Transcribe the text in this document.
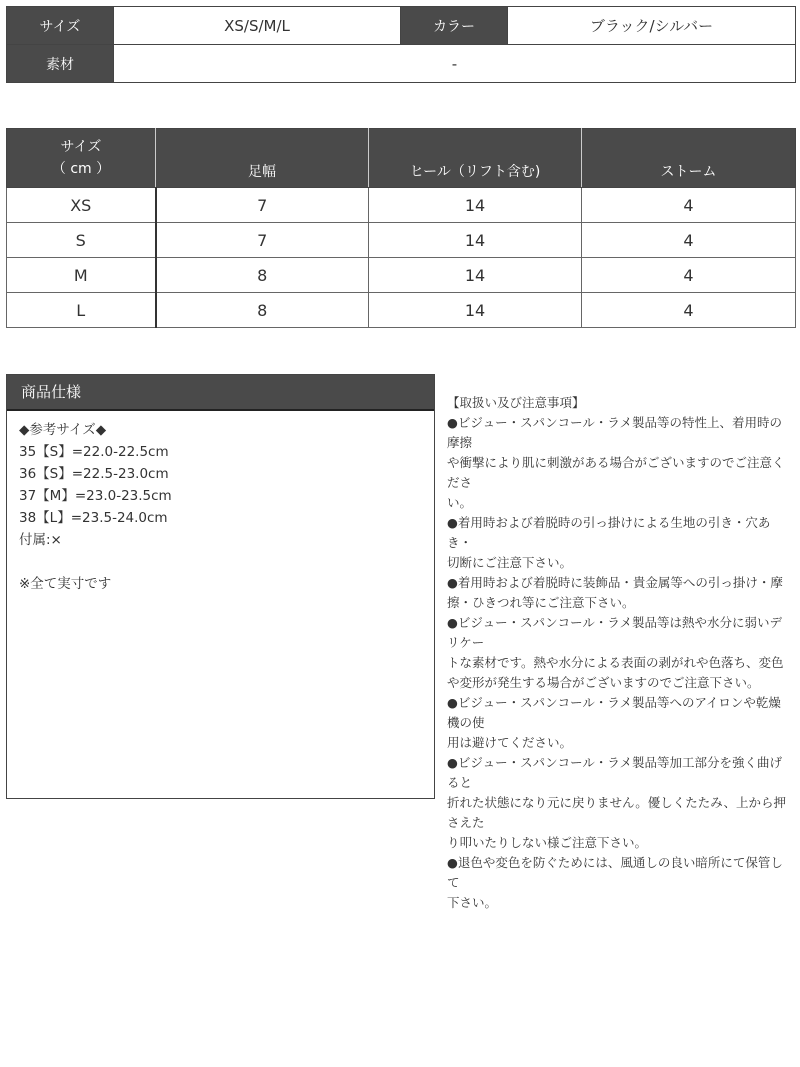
サイズ	XS/S/M/L	カラー	ブラック/シルバー
素材	-		
サイズ
（ cm ）	足幅	ヒール（リフト含む)	ストーム
XS	7	14	4
S	7	14	4
M	8	14	4
L	8	14	4
商品仕様
◆参考サイズ◆
35【S】=22.0-22.5cm
36【S】=22.5-23.0cm
37【M】=23.0-23.5cm
38【L】=23.5-24.0cm
付属:×

※全て実寸です
【取扱い及び注意事項】
●ビジュー・スパンコール・ラメ製品等の特性上、着用時の摩擦
や衝撃により肌に刺激がある場合がございますのでご注意くださ
い。
●着用時および着脱時の引っ掛けによる生地の引き・穴あき・
切断にご注意下さい。
●着用時および着脱時に装飾品・貴金属等への引っ掛け・摩
擦・ひきつれ等にご注意下さい。
●ビジュー・スパンコール・ラメ製品等は熱や水分に弱いデリケー
トな素材です。熱や水分による表面の剥がれや色落ち、変色
や変形が発生する場合がございますのでご注意下さい。
●ビジュー・スパンコール・ラメ製品等へのアイロンや乾燥機の使
用は避けてください。
●ビジュー・スパンコール・ラメ製品等加工部分を強く曲げると
折れた状態になり元に戻りません。優しくたたみ、上から押さえた
り叩いたりしない様ご注意下さい。
●退色や変色を防ぐためには、風通しの良い暗所にて保管して
下さい。
